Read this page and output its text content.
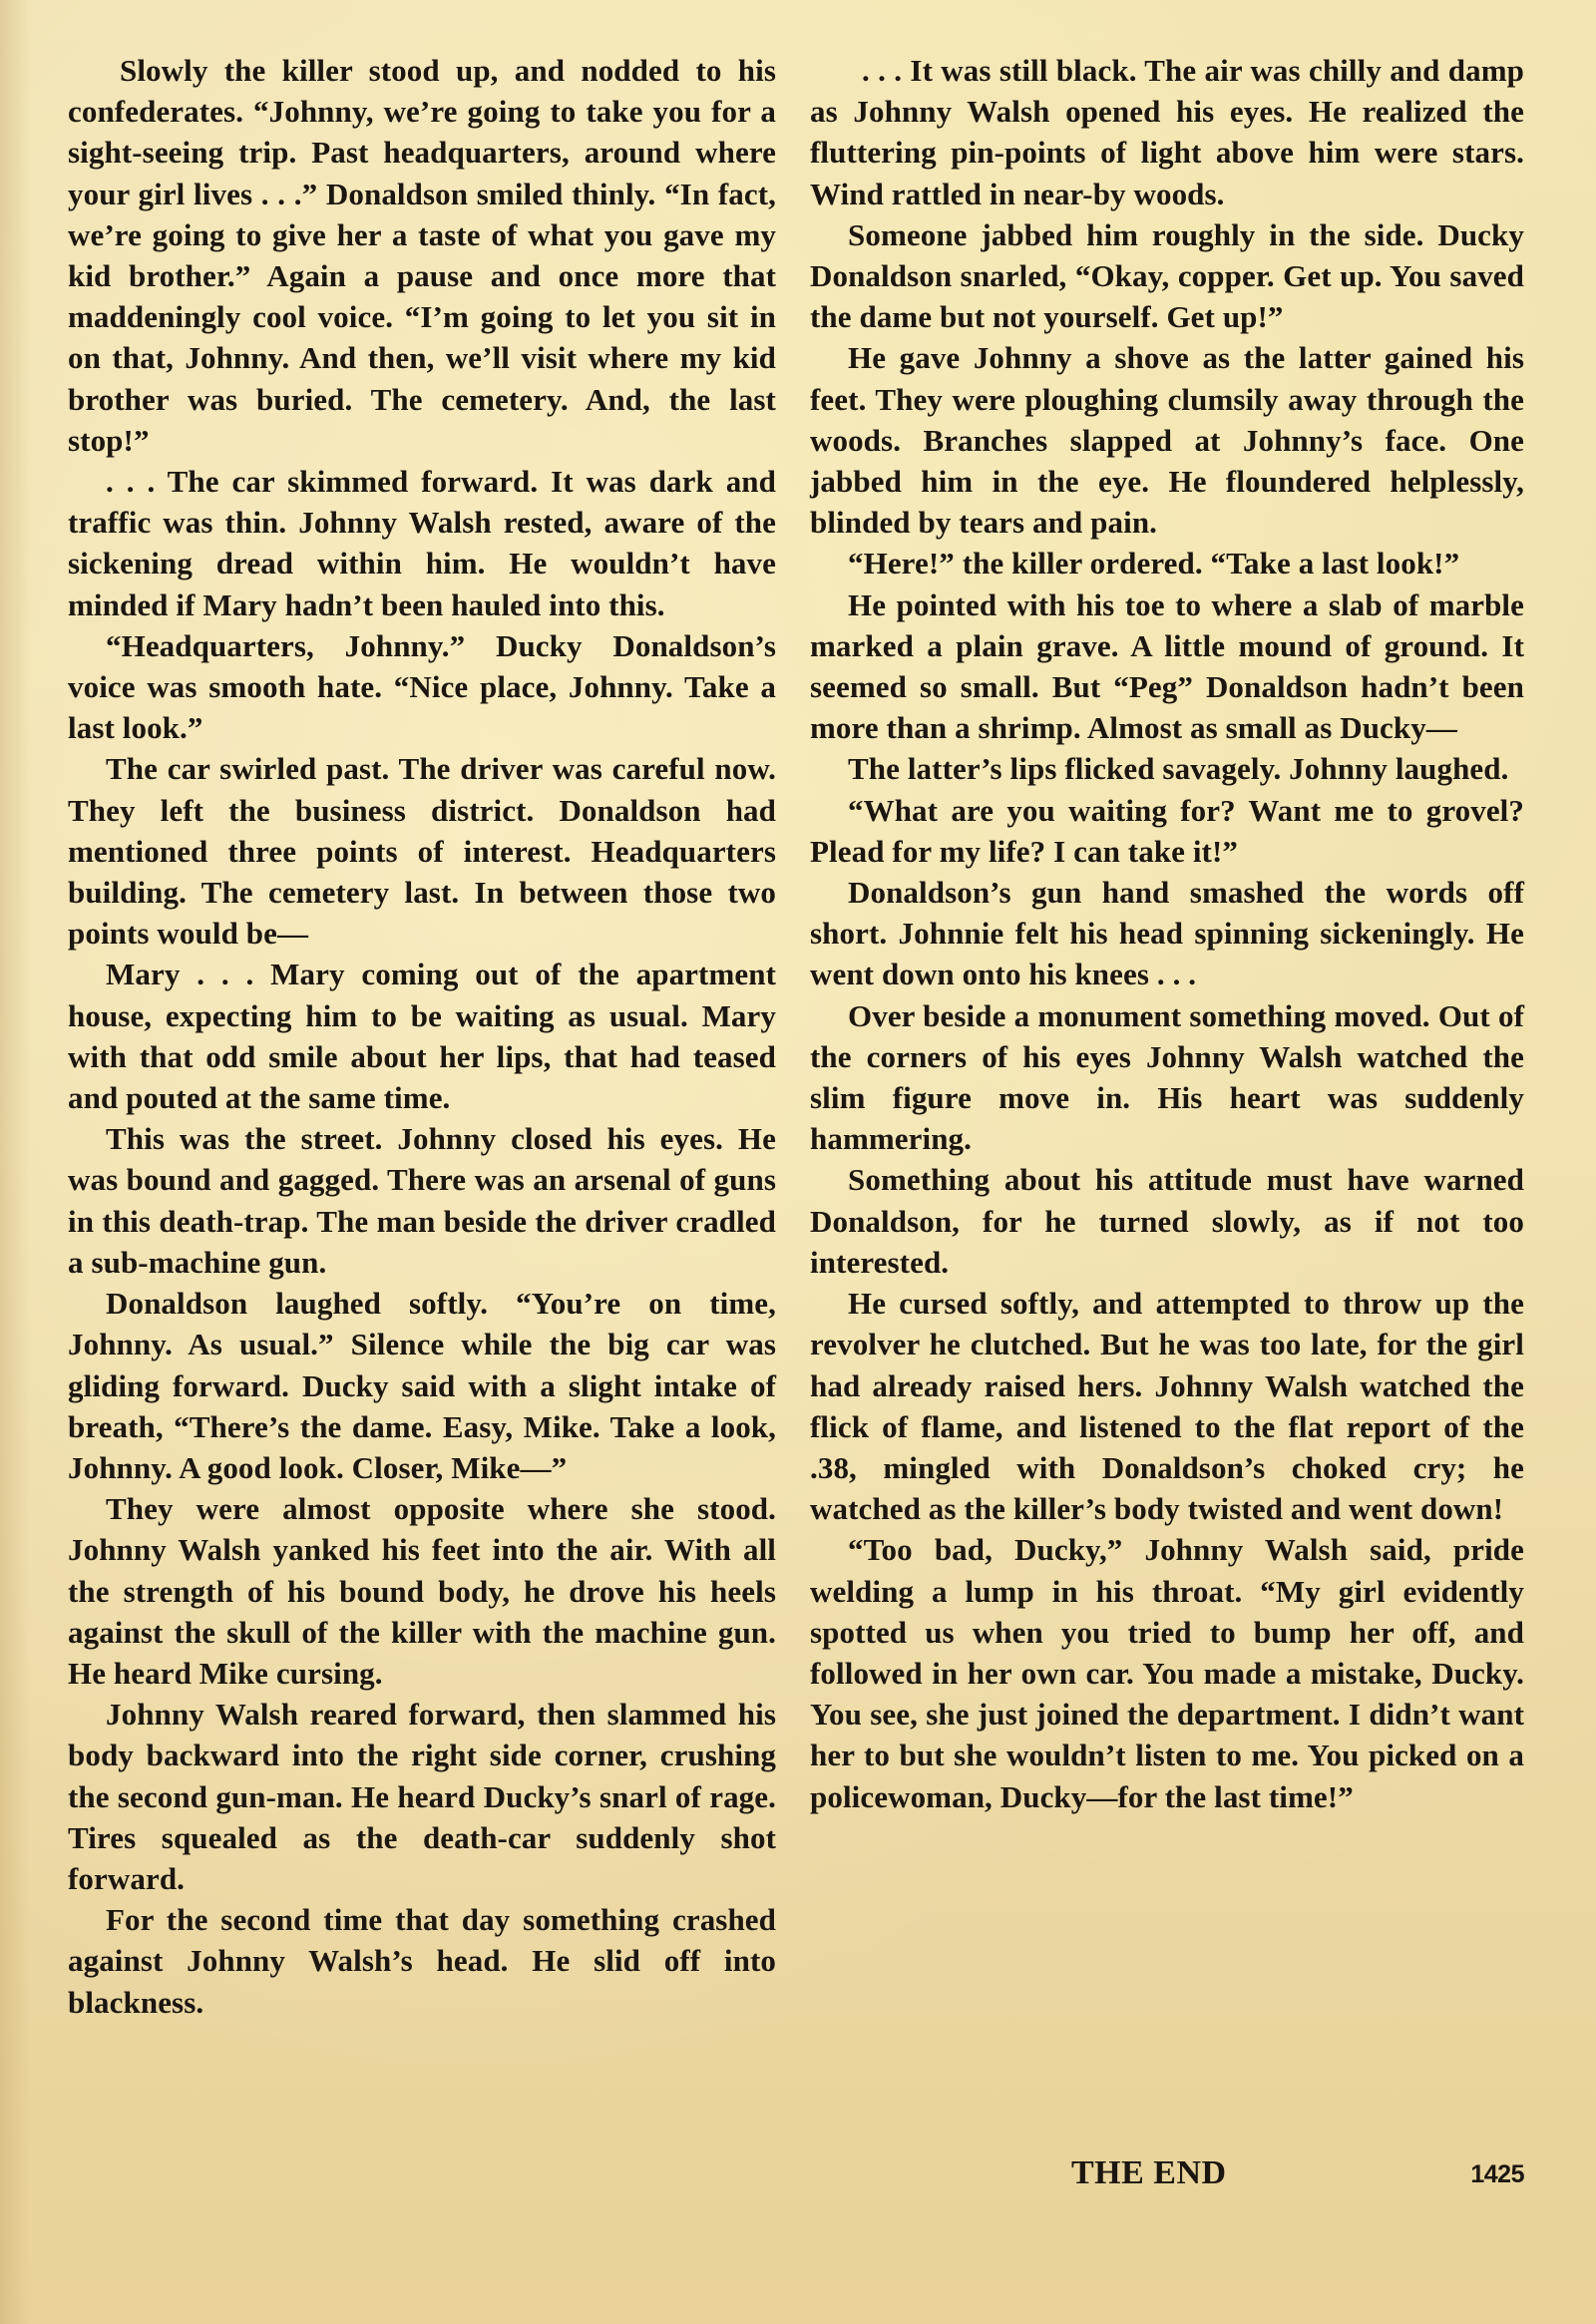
Slowly the killer stood up, and nodded to his confederates. “Johnny, we’re going to take you for a sight-seeing trip. Past headquarters, around where your girl lives . . .” Donaldson smiled thinly. “In fact, we’re going to give her a taste of what you gave my kid brother.” Again a pause and once more that maddeningly cool voice. “I’m going to let you sit in on that, Johnny. And then, we’ll visit where my kid brother was buried. The cemetery. And, the last stop!”

. . . The car skimmed forward. It was dark and traffic was thin. Johnny Walsh rested, aware of the sickening dread within him. He wouldn’t have minded if Mary hadn’t been hauled into this.

“Headquarters, Johnny.” Ducky Donaldson’s voice was smooth hate. “Nice place, Johnny. Take a last look.”

The car swirled past. The driver was careful now. They left the business district. Donaldson had mentioned three points of interest. Headquarters building. The cemetery last. In between those two points would be—

Mary . . . Mary coming out of the apartment house, expecting him to be waiting as usual. Mary with that odd smile about her lips, that had teased and pouted at the same time.

This was the street. Johnny closed his eyes. He was bound and gagged. There was an arsenal of guns in this death-trap. The man beside the driver cradled a sub-machine gun.

Donaldson laughed softly. “You’re on time, Johnny. As usual.” Silence while the big car was gliding forward. Ducky said with a slight intake of breath, “There’s the dame. Easy, Mike. Take a look, Johnny. A good look. Closer, Mike—”

They were almost opposite where she stood. Johnny Walsh yanked his feet into the air. With all the strength of his bound body, he drove his heels against the skull of the killer with the machine gun. He heard Mike cursing.

Johnny Walsh reared forward, then slammed his body backward into the right side corner, crushing the second gun-man. He heard Ducky’s snarl of rage. Tires squealed as the death-car suddenly shot forward.

For the second time that day something crashed against Johnny Walsh’s head. He slid off into blackness.

. . . It was still black. The air was chilly and damp as Johnny Walsh opened his eyes. He realized the fluttering pin-points of light above him were stars. Wind rattled in near-by woods.

Someone jabbed him roughly in the side. Ducky Donaldson snarled, “Okay, copper. Get up. You saved the dame but not yourself. Get up!”

He gave Johnny a shove as the latter gained his feet. They were ploughing clumsily away through the woods. Branches slapped at Johnny’s face. One jabbed him in the eye. He floundered helplessly, blinded by tears and pain.

“Here!” the killer ordered. “Take a last look!”

He pointed with his toe to where a slab of marble marked a plain grave. A little mound of ground. It seemed so small. But “Peg” Donaldson hadn’t been more than a shrimp. Almost as small as Ducky—

The latter’s lips flicked savagely. Johnny laughed.

“What are you waiting for? Want me to grovel? Plead for my life? I can take it!”

Donaldson’s gun hand smashed the words off short. Johnnie felt his head spinning sickeningly. He went down onto his knees . . .

Over beside a monument something moved. Out of the corners of his eyes Johnny Walsh watched the slim figure move in. His heart was suddenly hammering.

Something about his attitude must have warned Donaldson, for he turned slowly, as if not too interested.

He cursed softly, and attempted to throw up the revolver he clutched. But he was too late, for the girl had already raised hers. Johnny Walsh watched the flick of flame, and listened to the flat report of the .38, mingled with Donaldson’s choked cry; he watched as the killer’s body twisted and went down!

“Too bad, Ducky,” Johnny Walsh said, pride welding a lump in his throat. “My girl evidently spotted us when you tried to bump her off, and followed in her own car. You made a mistake, Ducky. You see, she just joined the department. I didn’t want her to but she wouldn’t listen to me. You picked on a policewoman, Ducky—for the last time!”

THE END	1425
